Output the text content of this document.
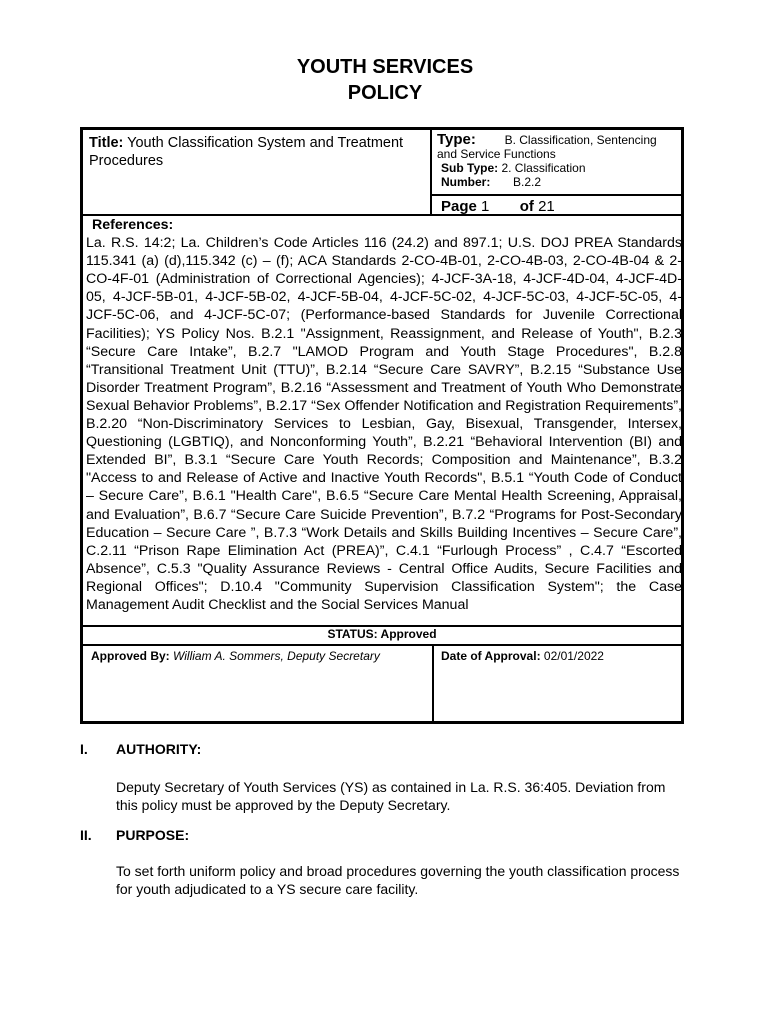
YOUTH SERVICES
POLICY
Title: Youth Classification System and Treatment Procedures
Type: B. Classification, Sentencing
and Service Functions
Sub Type: 2. Classification
Number: B.2.2
Page 1 of 21
References:
La. R.S. 14:2; La. Children’s Code Articles 116 (24.2) and 897.1; U.S. DOJ PREA Standards 115.341 (a) (d),115.342 (c) – (f); ACA Standards 2-CO-4B-01, 2-CO-4B-03, 2-CO-4B-04 & 2-CO-4F-01 (Administration of Correctional Agencies); 4-JCF-3A-18, 4-JCF-4D-04, 4-JCF-4D-05, 4-JCF-5B-01, 4-JCF-5B-02, 4-JCF-5B-04, 4-JCF-5C-02, 4-JCF-5C-03, 4-JCF-5C-05, 4-JCF-5C-06, and 4-JCF-5C-07; (Performance-based Standards for Juvenile Correctional Facilities); YS Policy Nos. B.2.1 "Assignment, Reassignment, and Release of Youth", B.2.3 “Secure Care Intake”, B.2.7 "LAMOD Program and Youth Stage Procedures", B.2.8 “Transitional Treatment Unit (TTU)”, B.2.14 “Secure Care SAVRY”, B.2.15 “Substance Use Disorder Treatment Program”, B.2.16 “Assessment and Treatment of Youth Who Demonstrate Sexual Behavior Problems”, B.2.17 “Sex Offender Notification and Registration Requirements”, B.2.20 “Non-Discriminatory Services to Lesbian, Gay, Bisexual, Transgender, Intersex, Questioning (LGBTIQ), and Nonconforming Youth”, B.2.21 “Behavioral Intervention (BI) and Extended BI”, B.3.1 “Secure Care Youth Records; Composition and Maintenance”, B.3.2 "Access to and Release of Active and Inactive Youth Records", B.5.1 “Youth Code of Conduct – Secure Care”, B.6.1 "Health Care", B.6.5 “Secure Care Mental Health Screening, Appraisal, and Evaluation”, B.6.7 “Secure Care Suicide Prevention”, B.7.2 “Programs for Post-Secondary Education – Secure Care ”, B.7.3 “Work Details and Skills Building Incentives – Secure Care”, C.2.11 “Prison Rape Elimination Act (PREA)”, C.4.1 “Furlough Process” , C.4.7 “Escorted Absence”, C.5.3 "Quality Assurance Reviews - Central Office Audits, Secure Facilities and Regional Offices"; D.10.4 "Community Supervision Classification System"; the Case Management Audit Checklist and the Social Services Manual
STATUS: Approved
Approved By: William A. Sommers, Deputy Secretary	Date of Approval: 02/01/2022
I. AUTHORITY:
Deputy Secretary of Youth Services (YS) as contained in La. R.S. 36:405. Deviation from this policy must be approved by the Deputy Secretary.
II. PURPOSE:
To set forth uniform policy and broad procedures governing the youth classification process for youth adjudicated to a YS secure care facility.
